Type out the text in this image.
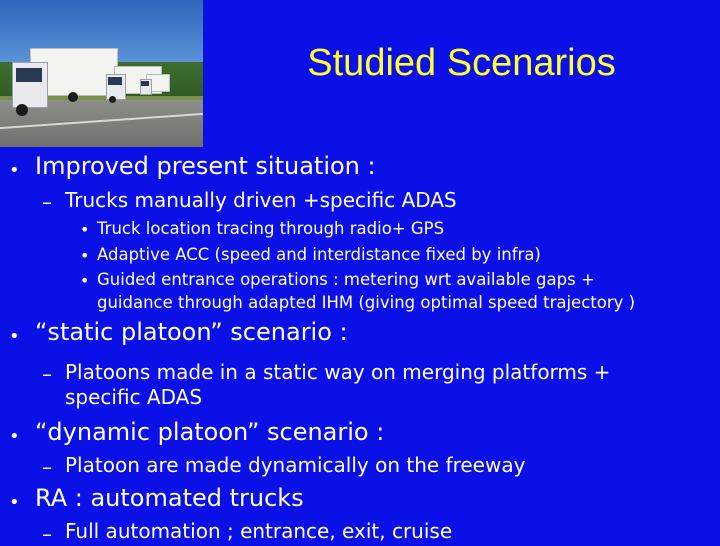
Studied Scenarios
• Improved present situation :
– Trucks manually driven +specific ADAS
• Truck location tracing through radio+ GPS
• Adaptive ACC (speed and interdistance fixed by infra)
• Guided entrance operations : metering wrt available gaps +
guidance through adapted IHM (giving optimal speed trajectory )
• “static platoon” scenario :
– Platoons made in a static way on merging platforms +
specific ADAS
• “dynamic platoon” scenario :
– Platoon are made dynamically on the freeway
• RA : automated trucks
– Full automation ; entrance, exit, cruise
